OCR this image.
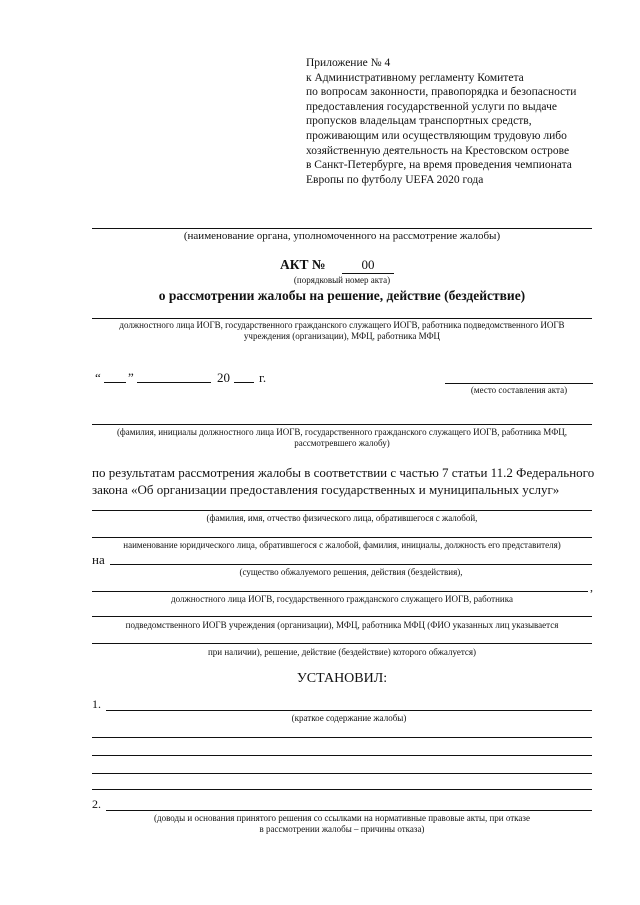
Приложение № 4
к Административному регламенту Комитета
по вопросам законности, правопорядка и безопасности
предоставления государственной услуги по выдаче
пропусков владельцам транспортных средств,
проживающим или осуществляющим трудовую либо
хозяйственную деятельность на Крестовском острове
в Санкт-Петербурге, на время проведения чемпионата
Европы по футболу UEFA 2020 года
(наименование органа, уполномоченного на рассмотрение жалобы)
АКТ №	00
(порядковый номер акта)
о рассмотрении жалобы на решение, действие (бездействие)
должностного лица ИОГВ, государственного гражданского служащего ИОГВ, работника подведомственного ИОГВ
учреждения (организации), МФЦ, работника МФЦ
“ ”	20 г.
(место составления акта)
(фамилия, инициалы должностного лица ИОГВ, государственного гражданского служащего ИОГВ, работника МФЦ,
рассмотревшего жалобу)
по результатам рассмотрения жалобы в соответствии с частью 7 статьи 11.2 Федерального
закона «Об организации предоставления государственных и муниципальных услуг»
(фамилия, имя, отчество физического лица, обратившегося с жалобой,
наименование юридического лица, обратившегося с жалобой, фамилия, инициалы, должность его представителя)
на
(существо обжалуемого решения, действия (бездействия),
,
должностного лица ИОГВ, государственного гражданского служащего ИОГВ, работника
подведомственного ИОГВ учреждения (организации), МФЦ, работника МФЦ (ФИО указанных лиц указывается
при наличии), решение, действие (бездействие) которого обжалуется)
УСТАНОВИЛ:
1.
(краткое содержание жалобы)
2.
(доводы и основания принятого решения со ссылками на нормативные правовые акты, при отказе
в рассмотрении жалобы – причины отказа)
